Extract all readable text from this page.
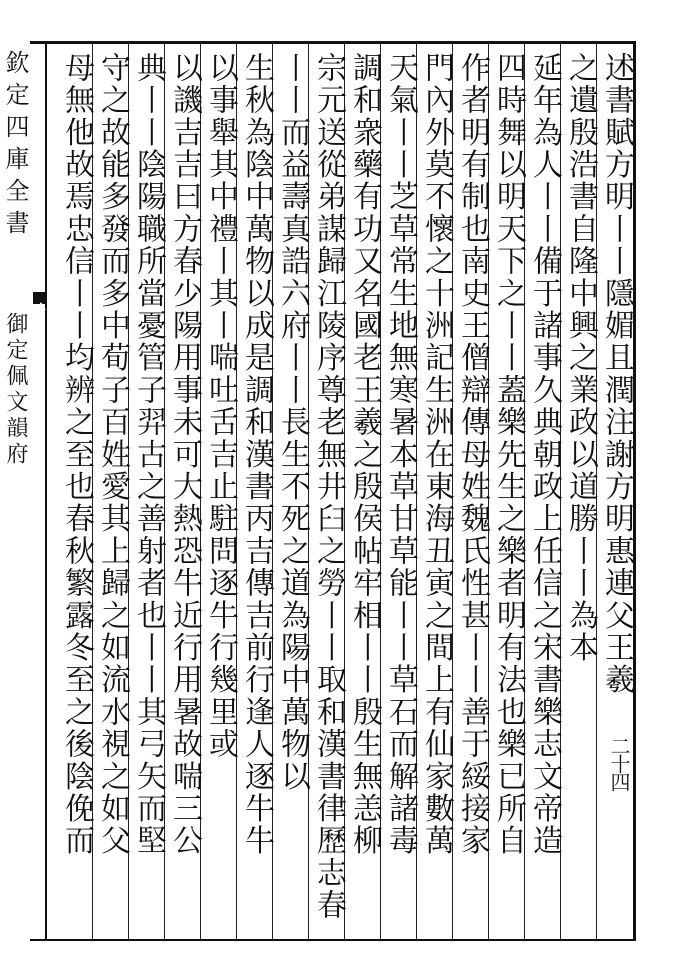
欽定四庫全書
御定佩文韻府
二十四
述書賦方明丨丨隱媚且潤注謝方明惠連父王羲
之遺殷浩書自隆中興之業政以道勝丨丨為本
延年為人丨丨備于諸事久典朝政上任信之宋書樂志文帝造
四時舞以明天下之丨丨蓋樂先生之樂者明有法也樂已所自
作者明有制也南史王僧辯傳母姓魏氏性甚丨丨善于綏接家
門內外莫不懷之十洲記生洲在東海丑寅之間上有仙家數萬
天氣丨丨芝草常生地無寒暑本草甘草能丨丨草石而解諸毒
調和衆藥有功又名國老王羲之殷侯帖牢相丨丨殷生無恙柳
宗元送從弟謀歸江陵序尊老無井臼之勞丨丨取和漢書律歷志春
丨丨而益壽真誥六府丨丨長生不死之道為陽中萬物以
生秋為陰中萬物以成是調和漢書丙吉傳吉前行逢人逐牛牛
以事舉其中禮丨其丨喘吐舌吉止駐問逐牛行幾里或
以譏吉吉曰方春少陽用事未可大熱恐牛近行用暑故喘三公
典丨丨陰陽職所當憂管子羿古之善射者也丨丨其弓矢而堅
守之故能多發而多中荀子百姓愛其上歸之如流水視之如父
母無他故焉忠信丨丨均辨之至也春秋繁露冬至之後陰俛而
